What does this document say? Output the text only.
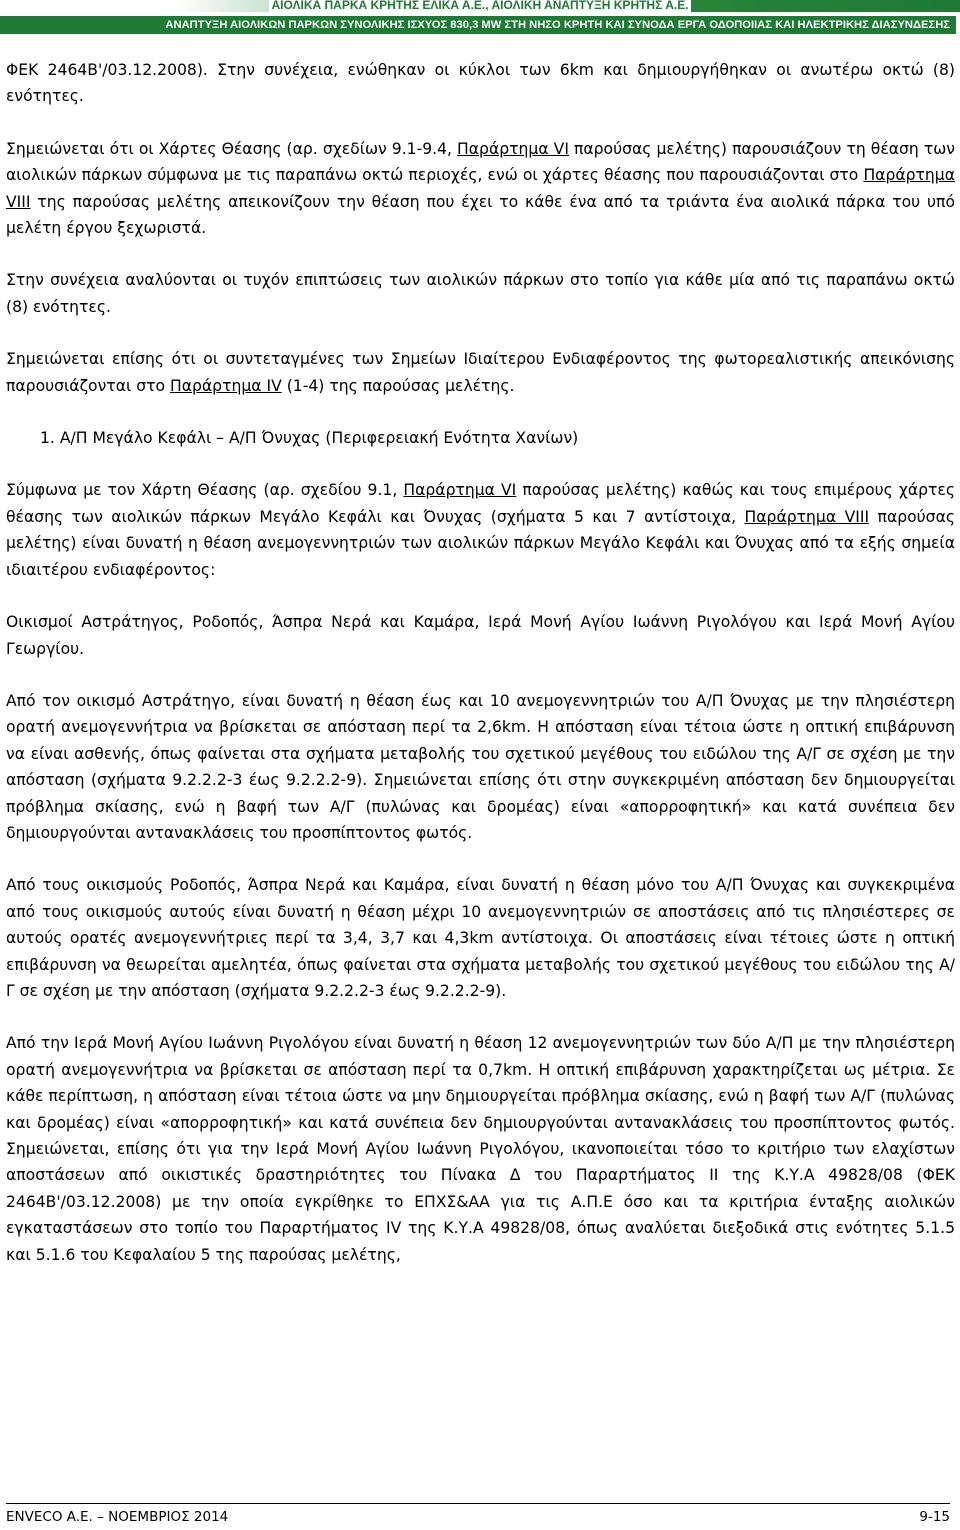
ΑΙΟΛΙΚΑ ΠΑΡΚΑ ΚΡΗΤΗΣ ΕΛΙΚΑ Α.Ε., ΑΙΟΛΙΚΗ ΑΝΑΠΤΥΞΗ ΚΡΗΤΗΣ Α.Ε.
ΑΝΑΠΤΥΞΗ ΑΙΟΛΙΚΩΝ ΠΑΡΚΩΝ ΣΥΝΟΛΙΚΗΣ ΙΣΧΥΟΣ 830,3 MW ΣΤΗ ΝΗΣΟ ΚΡΗΤΗ ΚΑΙ ΣΥΝΟΔΑ ΕΡΓΑ ΟΔΟΠΟΙΙΑΣ ΚΑΙ ΗΛΕΚΤΡΙΚΗΣ ΔΙΑΣΥΝΔΕΣΗΣ

ΦΕΚ 2464Β'/03.12.2008). Στην συνέχεια, ενώθηκαν οι κύκλοι των 6km και δημιουργήθηκαν οι ανωτέρω οκτώ (8) ενότητες.

Σημειώνεται ότι οι Χάρτες Θέασης (αρ. σχεδίων 9.1-9.4, Παράρτημα VI παρούσας μελέτης) παρουσιάζουν τη θέαση των αιολικών πάρκων σύμφωνα με τις παραπάνω οκτώ περιοχές, ενώ οι χάρτες θέασης που παρουσιάζονται στο Παράρτημα VIII της παρούσας μελέτης απεικονίζουν την θέαση που έχει το κάθε ένα από τα τριάντα ένα αιολικά πάρκα του υπό μελέτη έργου ξεχωριστά.

Στην συνέχεια αναλύονται οι τυχόν επιπτώσεις των αιολικών πάρκων στο τοπίο για κάθε μία από τις παραπάνω οκτώ (8) ενότητες.

Σημειώνεται επίσης ότι οι συντεταγμένες των Σημείων Ιδιαίτερου Ενδιαφέροντος της φωτορεαλιστικής απεικόνισης παρουσιάζονται στο Παράρτημα IV (1-4) της παρούσας μελέτης.

1. Α/Π Μεγάλο Κεφάλι – Α/Π Όνυχας (Περιφερειακή Ενότητα Χανίων)

Σύμφωνα με τον Χάρτη Θέασης (αρ. σχεδίου 9.1, Παράρτημα VI παρούσας μελέτης) καθώς και τους επιμέρους χάρτες θέασης των αιολικών πάρκων Μεγάλο Κεφάλι και Όνυχας (σχήματα 5 και 7 αντίστοιχα, Παράρτημα VIII παρούσας μελέτης) είναι δυνατή η θέαση ανεμογεννητριών των αιολικών πάρκων Μεγάλο Κεφάλι και Όνυχας από τα εξής σημεία ιδιαιτέρου ενδιαφέροντος:

Οικισμοί Αστράτηγος, Ροδοπός, Άσπρα Νερά και Καμάρα, Ιερά Μονή Αγίου Ιωάννη Ριγολόγου και Ιερά Μονή Αγίου Γεωργίου.

Από τον οικισμό Αστράτηγο, είναι δυνατή η θέαση έως και 10 ανεμογεννητριών του Α/Π Όνυχας με την πλησιέστερη ορατή ανεμογεννήτρια να βρίσκεται σε απόσταση περί τα 2,6km. Η απόσταση είναι τέτοια ώστε η οπτική επιβάρυνση να είναι ασθενής, όπως φαίνεται στα σχήματα μεταβολής του σχετικού μεγέθους του ειδώλου της Α/Γ σε σχέση με την απόσταση (σχήματα 9.2.2.2-3 έως 9.2.2.2-9). Σημειώνεται επίσης ότι στην συγκεκριμένη απόσταση δεν δημιουργείται πρόβλημα σκίασης, ενώ η βαφή των Α/Γ (πυλώνας και δρομέας) είναι «απορροφητική» και κατά συνέπεια δεν δημιουργούνται αντανακλάσεις του προσπίπτοντος φωτός.

Από τους οικισμούς Ροδοπός, Άσπρα Νερά και Καμάρα, είναι δυνατή η θέαση μόνο του Α/Π Όνυχας και συγκεκριμένα από τους οικισμούς αυτούς είναι δυνατή η θέαση μέχρι 10 ανεμογεννητριών σε αποστάσεις από τις πλησιέστερες σε αυτούς ορατές ανεμογεννήτριες περί τα 3,4, 3,7 και 4,3km αντίστοιχα. Οι αποστάσεις είναι τέτοιες ώστε η οπτική επιβάρυνση να θεωρείται αμελητέα, όπως φαίνεται στα σχήματα μεταβολής του σχετικού μεγέθους του ειδώλου της Α/Γ σε σχέση με την απόσταση (σχήματα 9.2.2.2-3 έως 9.2.2.2-9).

Από την Ιερά Μονή Αγίου Ιωάννη Ριγολόγου είναι δυνατή η θέαση 12 ανεμογεννητριών των δύο Α/Π με την πλησιέστερη ορατή ανεμογεννήτρια να βρίσκεται σε απόσταση περί τα 0,7km. Η οπτική επιβάρυνση χαρακτηρίζεται ως μέτρια. Σε κάθε περίπτωση, η απόσταση είναι τέτοια ώστε να μην δημιουργείται πρόβλημα σκίασης, ενώ η βαφή των Α/Γ (πυλώνας και δρομέας) είναι «απορροφητική» και κατά συνέπεια δεν δημιουργούνται αντανακλάσεις του προσπίπτοντος φωτός. Σημειώνεται, επίσης ότι για την Ιερά Μονή Αγίου Ιωάννη Ριγολόγου, ικανοποιείται τόσο το κριτήριο των ελαχίστων αποστάσεων από οικιστικές δραστηριότητες του Πίνακα Δ του Παραρτήματος ΙΙ της Κ.Υ.Α 49828/08 (ΦΕΚ 2464Β'/03.12.2008) με την οποία εγκρίθηκε το ΕΠΧΣ&ΑΑ για τις Α.Π.Ε όσο και τα κριτήρια ένταξης αιολικών εγκαταστάσεων στο τοπίο του Παραρτήματος IV της Κ.Υ.Α 49828/08, όπως αναλύεται διεξοδικά στις ενότητες 5.1.5 και 5.1.6 του Κεφαλαίου 5 της παρούσας μελέτης,

ENVECO A.E. – ΝΟΕΜΒΡΙΟΣ 2014	9-15
